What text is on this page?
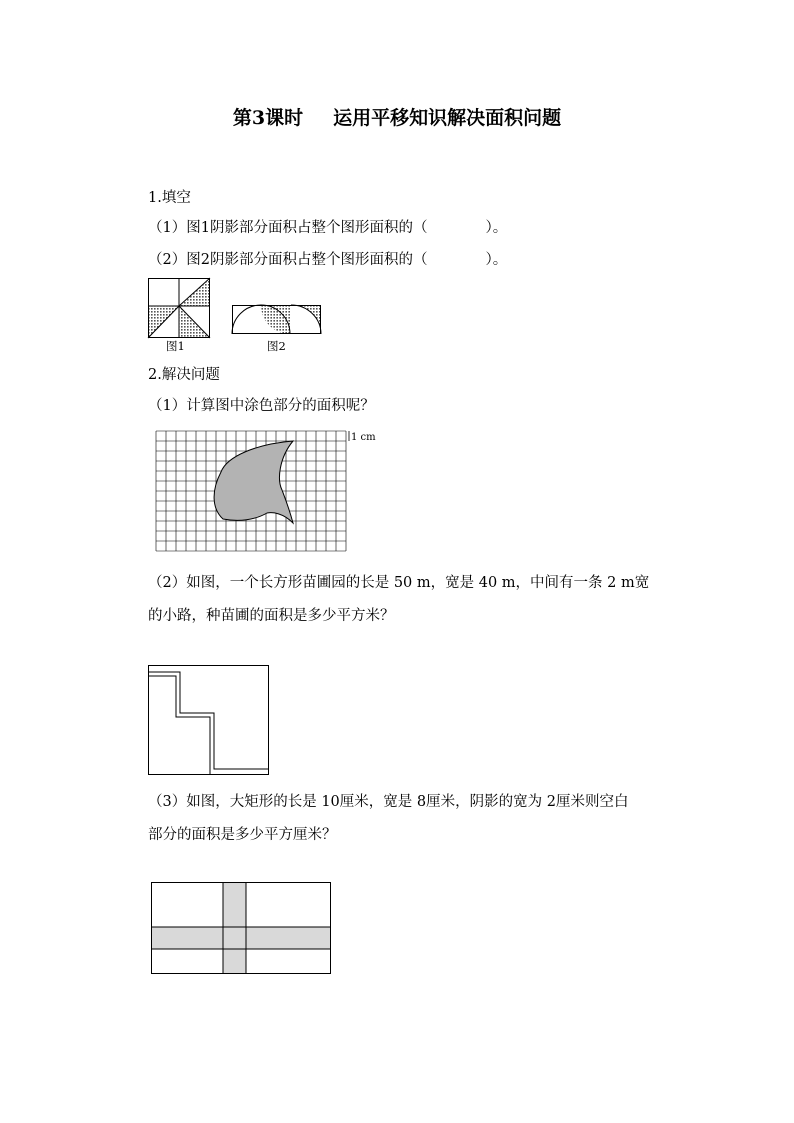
第3课时 运用平移知识解决面积问题
1.填空
（1）图1阴影部分面积占整个图形面积的（　　　　）。
（2）图2阴影部分面积占整个图形面积的（　　　　）。
图1	图2
2.解决问题
（1）计算图中涂色部分的面积呢？
1 cm
（2）如图，一个长方形苗圃园的长是 50 m，宽是 40 m，中间有一条 2 m宽
的小路，种苗圃的面积是多少平方米？
（3）如图，大矩形的长是 10厘米，宽是 8厘米，阴影的宽为 2厘米则空白
部分的面积是多少平方厘米？
